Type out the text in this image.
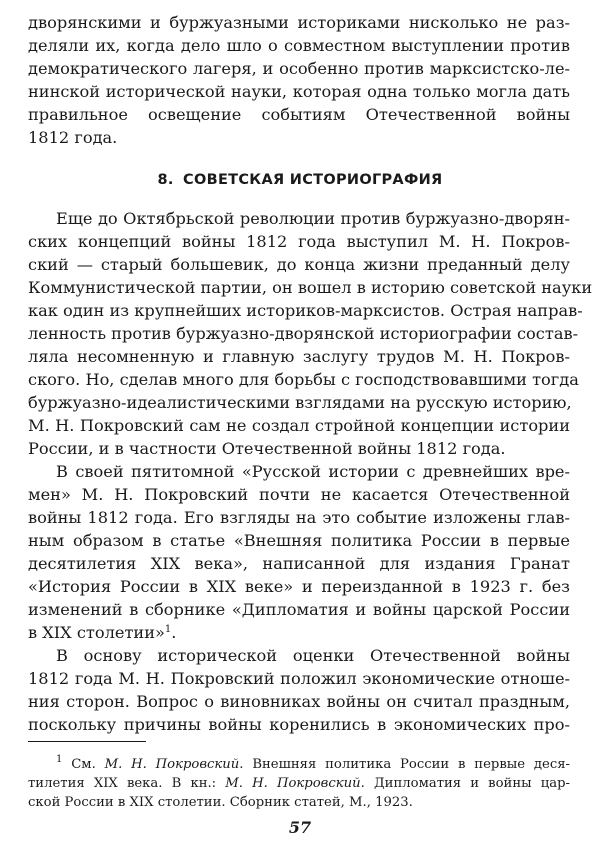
дворянскими и буржуазными историками нисколько не раз-
деляли их, когда дело шло о совместном выступлении против
демократического лагеря, и особенно против марксистско-ле-
нинской исторической науки, которая одна только могла дать
правильное освещение событиям Отечественной войны
1812 года.
8. СОВЕТСКАЯ ИСТОРИОГРАФИЯ
Еще до Октябрьской революции против буржуазно-дворян-
ских концепций войны 1812 года выступил М. Н. Покров-
ский — старый большевик, до конца жизни преданный делу
Коммунистической партии, он вошел в историю советской науки
как один из крупнейших историков-марксистов. Острая направ-
ленность против буржуазно-дворянской историографии состав-
ляла несомненную и главную заслугу трудов М. Н. Покров-
ского. Но, сделав много для борьбы с господствовавшими тогда
буржуазно-идеалистическими взглядами на русскую историю,
М. Н. Покровский сам не создал стройной концепции истории
России, и в частности Отечественной войны 1812 года.
В своей пятитомной «Русской истории с древнейших вре-
мен» М. Н. Покровский почти не касается Отечественной
войны 1812 года. Его взгляды на это событие изложены глав-
ным образом в статье «Внешняя политика России в первые
десятилетия XIX века», написанной для издания Гранат
«История России в XIX веке» и переизданной в 1923 г. без
изменений в сборнике «Дипломатия и войны царской России
в XIX столетии»$^1$.
В основу исторической оценки Отечественной войны
1812 года М. Н. Покровский положил экономические отноше-
ния сторон. Вопрос о виновниках войны он считал праздным,
поскольку причины войны коренились в экономических про-
$^1$ См. М. Н. Покровский. Внешняя политика России в первые деся-
тилетия XIX века. В кн.: М. Н. Покровский. Дипломатия и войны цар-
ской России в XIX столетии. Сборник статей, М., 1923.
57
